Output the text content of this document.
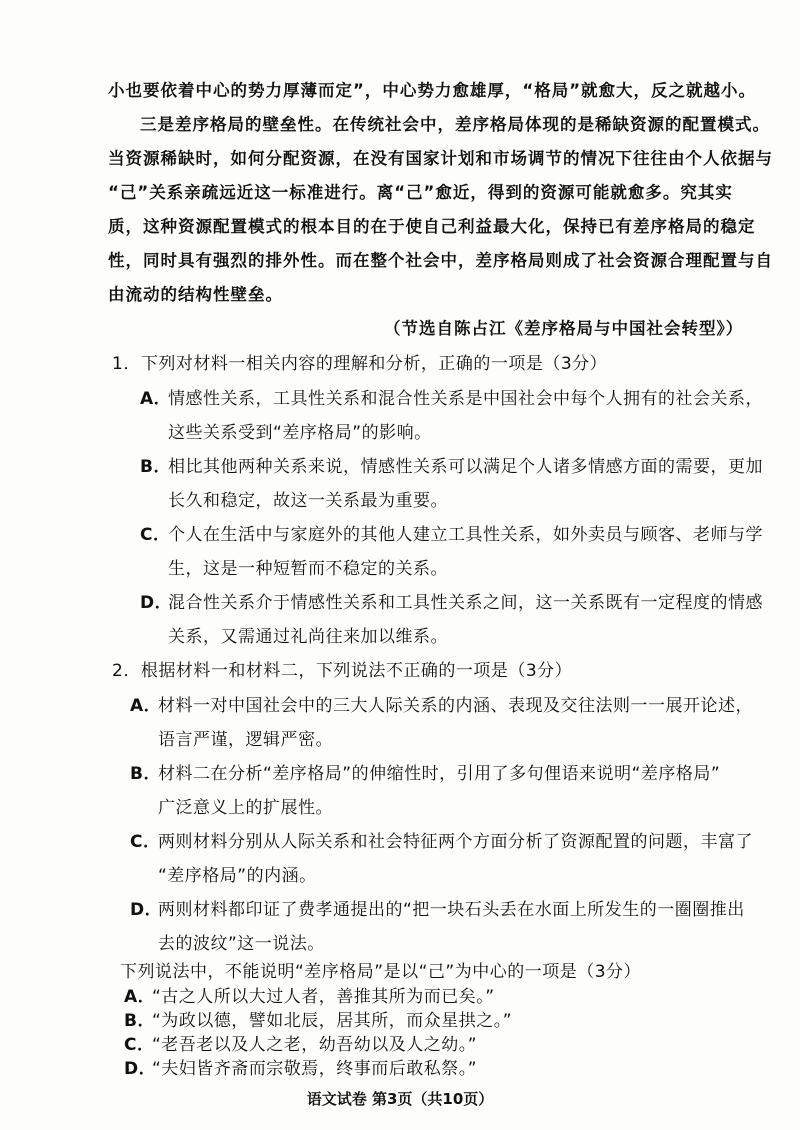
小也要依着中心的势力厚薄而定”，中心势力愈雄厚，“格局”就愈大，反之就越小。
三是差序格局的壁垒性。在传统社会中，差序格局体现的是稀缺资源的配置模式。
当资源稀缺时，如何分配资源，在没有国家计划和市场调节的情况下往往由个人依据与
“己”关系亲疏远近这一标准进行。离“己”愈近，得到的资源可能就愈多。究其实
质，这种资源配置模式的根本目的在于使自己利益最大化，保持已有差序格局的稳定
性，同时具有强烈的排外性。而在整个社会中，差序格局则成了社会资源合理配置与自
由流动的结构性壁垒。
（节选自陈占江《差序格局与中国社会转型》）
1．下列对材料一相关内容的理解和分析，正确的一项是（3分）
A．情感性关系，工具性关系和混合性关系是中国社会中每个人拥有的社会关系，
这些关系受到“差序格局”的影响。
B．相比其他两种关系来说，情感性关系可以满足个人诸多情感方面的需要，更加
长久和稳定，故这一关系最为重要。
C．个人在生活中与家庭外的其他人建立工具性关系，如外卖员与顾客、老师与学
生，这是一种短暂而不稳定的关系。
D．混合性关系介于情感性关系和工具性关系之间，这一关系既有一定程度的情感
关系，又需通过礼尚往来加以维系。
2．根据材料一和材料二，下列说法不正确的一项是（3分）
A．材料一对中国社会中的三大人际关系的内涵、表现及交往法则一一展开论述，
语言严谨，逻辑严密。
B．材料二在分析“差序格局”的伸缩性时，引用了多句俚语来说明“差序格局”
广泛意义上的扩展性。
C．两则材料分别从人际关系和社会特征两个方面分析了资源配置的问题，丰富了
“差序格局”的内涵。
D．两则材料都印证了费孝通提出的“把一块石头丢在水面上所发生的一圈圈推出
去的波纹”这一说法。
下列说法中，不能说明“差序格局”是以“己”为中心的一项是（3分）
A．“古之人所以大过人者，善推其所为而已矣。”
B．“为政以德，譬如北辰，居其所，而众星拱之。”
语文试卷 第3页（共10页）
C．“老吾老以及人之老，幼吾幼以及人之幼。”
D．“夫妇皆齐斋而宗敬焉，终事而后敢私祭。”
